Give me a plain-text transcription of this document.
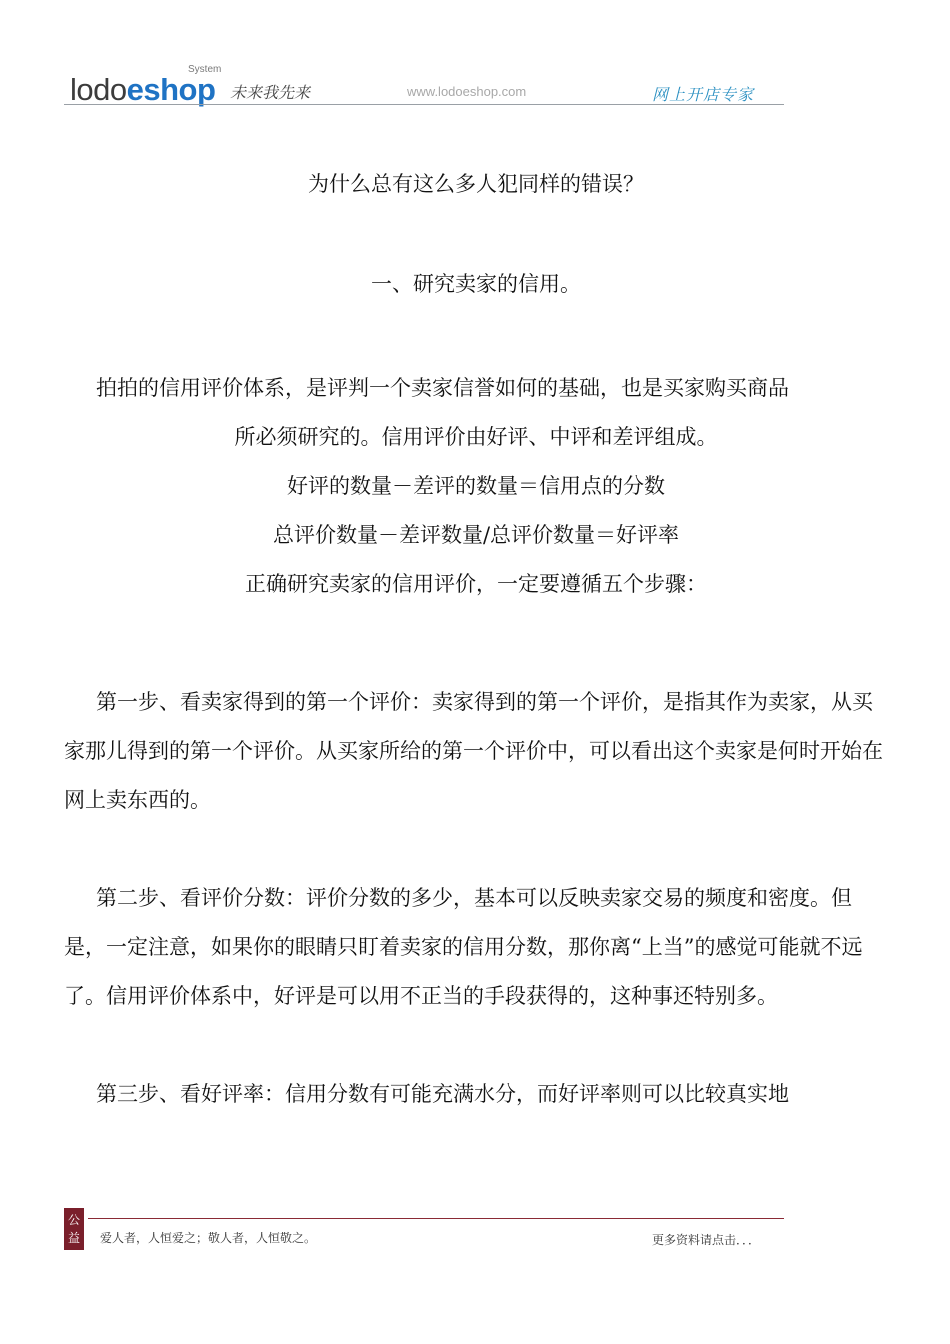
lodoeshop
System
未来我先来	www.lodoeshop.com	网上开店专家

为什么总有这么多人犯同样的错误？

一、研究卖家的信用。

拍拍的信用评价体系，是评判一个卖家信誉如何的基础，也是买家购买商品

所必须研究的。信用评价由好评、中评和差评组成。

好评的数量－差评的数量＝信用点的分数

总评价数量－差评数量/总评价数量＝好评率

正确研究卖家的信用评价，一定要遵循五个步骤：

第一步、看卖家得到的第一个评价：卖家得到的第一个评价，是指其作为卖家，从买家那儿得到的第一个评价。从买家所给的第一个评价中，可以看出这个卖家是何时开始在网上卖东西的。

第二步、看评价分数：评价分数的多少，基本可以反映卖家交易的频度和密度。但是，一定注意，如果你的眼睛只盯着卖家的信用分数，那你离“上当”的感觉可能就不远了。信用评价体系中，好评是可以用不正当的手段获得的，这种事还特别多。

第三步、看好评率：信用分数有可能充满水分，而好评率则可以比较真实地

公
益	爱人者，人恒爱之；敬人者，人恒敬之。	更多资料请点击．．．
